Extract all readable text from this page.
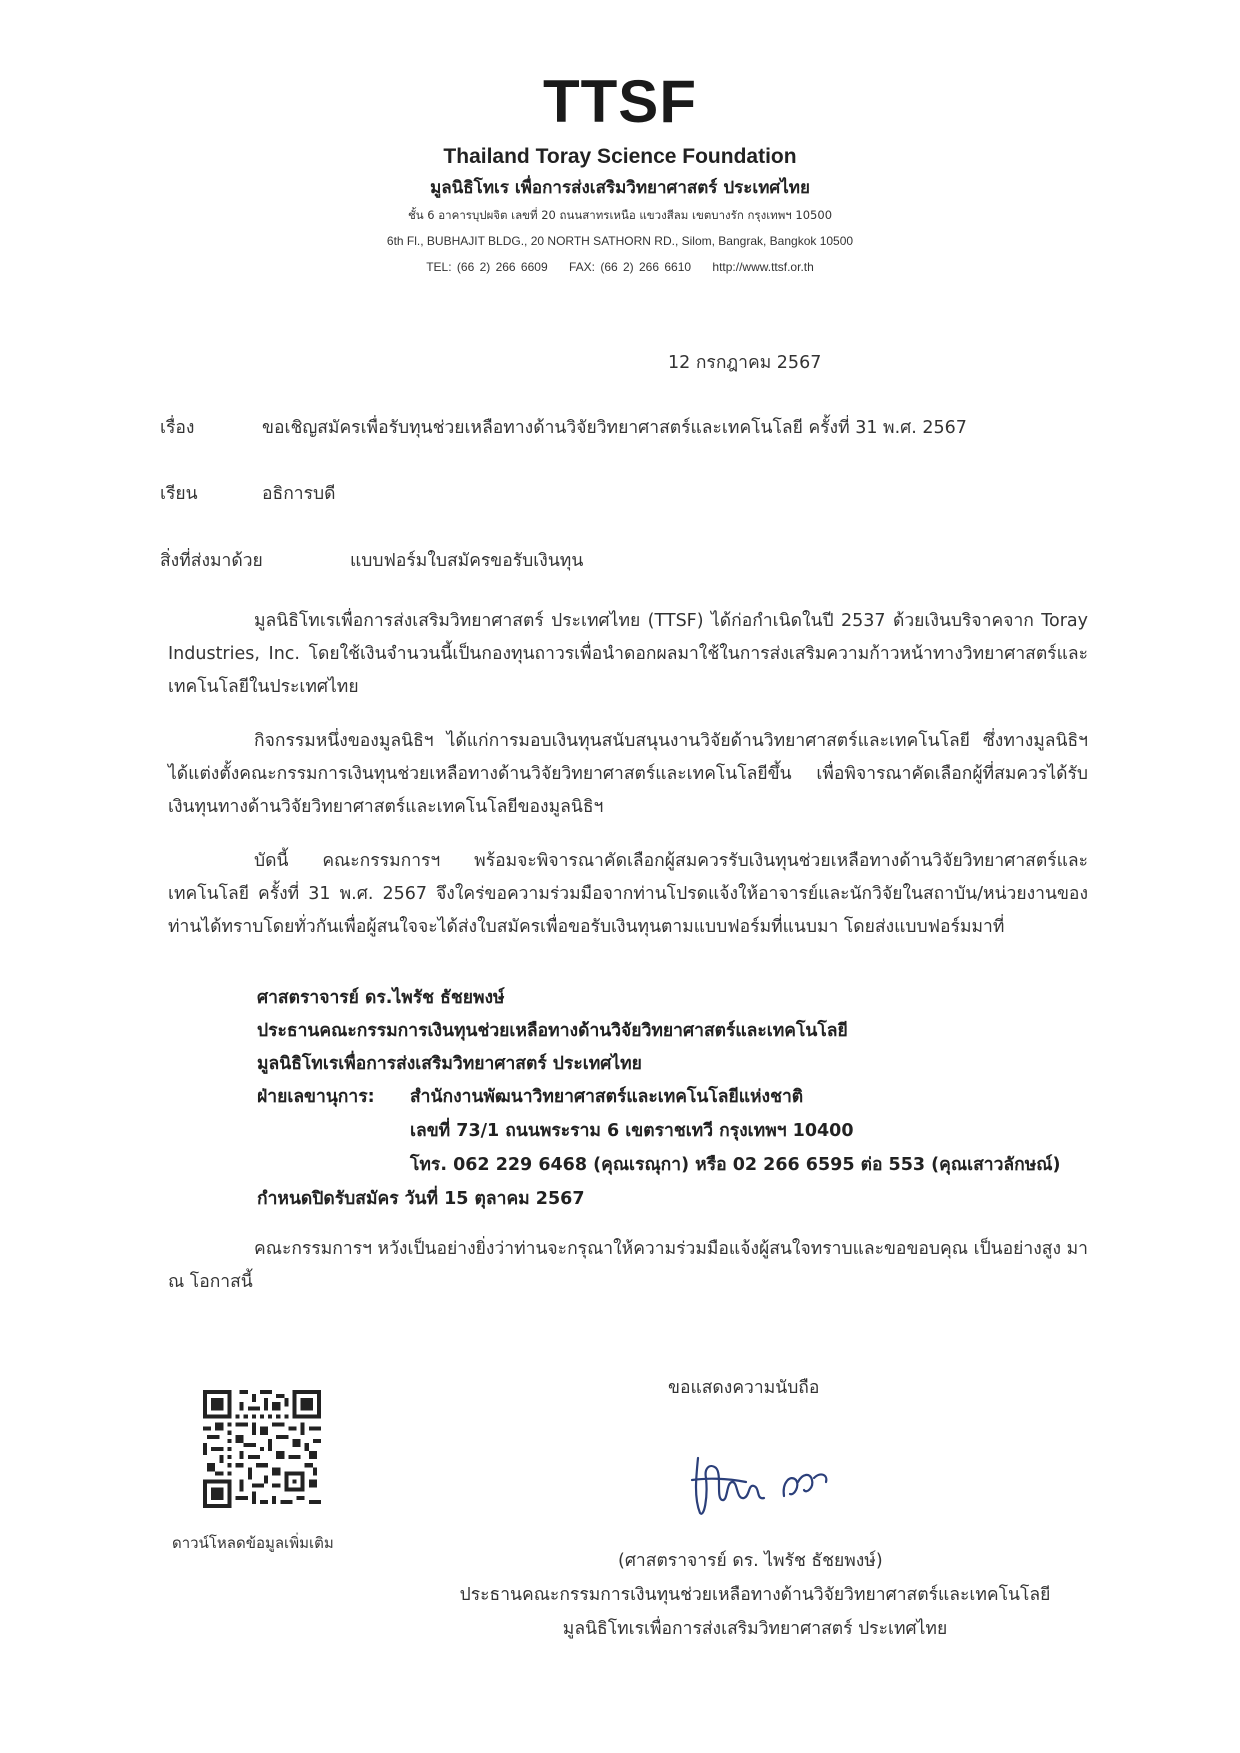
TTSF
Thailand Toray Science Foundation
มูลนิธิโทเร เพื่อการส่งเสริมวิทยาศาสตร์ ประเทศไทย
ชั้น 6 อาคารบุปผจิต เลขที่ 20 ถนนสาทรเหนือ แขวงสีลม เขตบางรัก กรุงเทพฯ 10500
6th Fl., BUBHAJIT BLDG., 20 NORTH SATHORN RD., Silom, Bangrak, Bangkok 10500
TEL: (66 2) 266 6609 FAX: (66 2) 266 6610 http://www.ttsf.or.th
12 กรกฎาคม 2567
เรื่อง	ขอเชิญสมัครเพื่อรับทุนช่วยเหลือทางด้านวิจัยวิทยาศาสตร์และเทคโนโลยี ครั้งที่ 31 พ.ศ. 2567
เรียน	อธิการบดี
สิ่งที่ส่งมาด้วย	แบบฟอร์มใบสมัครขอรับเงินทุน
มูลนิธิโทเรเพื่อการส่งเสริมวิทยาศาสตร์ ประเทศไทย (TTSF) ได้ก่อกำเนิดในปี 2537 ด้วยเงินบริจาคจาก Toray Industries, Inc. โดยใช้เงินจำนวนนี้เป็นกองทุนถาวรเพื่อนำดอกผลมาใช้ในการส่งเสริมความก้าวหน้าทางวิทยาศาสตร์และเทคโนโลยีในประเทศไทย
กิจกรรมหนึ่งของมูลนิธิฯ ได้แก่การมอบเงินทุนสนับสนุนงานวิจัยด้านวิทยาศาสตร์และเทคโนโลยี ซึ่งทางมูลนิธิฯ ได้แต่งตั้งคณะกรรมการเงินทุนช่วยเหลือทางด้านวิจัยวิทยาศาสตร์และเทคโนโลยีขึ้น เพื่อพิจารณาคัดเลือกผู้ที่สมควรได้รับเงินทุนทางด้านวิจัยวิทยาศาสตร์และเทคโนโลยีของมูลนิธิฯ
บัดนี้ คณะกรรมการฯ พร้อมจะพิจารณาคัดเลือกผู้สมควรรับเงินทุนช่วยเหลือทางด้านวิจัยวิทยาศาสตร์และเทคโนโลยี ครั้งที่ 31 พ.ศ. 2567 จึงใคร่ขอความร่วมมือจากท่านโปรดแจ้งให้อาจารย์และนักวิจัยในสถาบัน/หน่วยงานของท่านได้ทราบโดยทั่วกันเพื่อผู้สนใจจะได้ส่งใบสมัครเพื่อขอรับเงินทุนตามแบบฟอร์มที่แนบมา โดยส่งแบบฟอร์มมาที่
ศาสตราจารย์ ดร.ไพรัช ธัชยพงษ์
ประธานคณะกรรมการเงินทุนช่วยเหลือทางด้านวิจัยวิทยาศาสตร์และเทคโนโลยี
มูลนิธิโทเรเพื่อการส่งเสริมวิทยาศาสตร์ ประเทศไทย
ฝ่ายเลขานุการ: สำนักงานพัฒนาวิทยาศาสตร์และเทคโนโลยีแห่งชาติ
เลขที่ 73/1 ถนนพระราม 6 เขตราชเทวี กรุงเทพฯ 10400
โทร. 062 229 6468 (คุณเรณุกา) หรือ 02 266 6595 ต่อ 553 (คุณเสาวลักษณ์)
กำหนดปิดรับสมัคร วันที่ 15 ตุลาคม 2567
คณะกรรมการฯ หวังเป็นอย่างยิ่งว่าท่านจะกรุณาให้ความร่วมมือแจ้งผู้สนใจทราบและขอขอบคุณ เป็นอย่างสูง มา ณ โอกาสนี้
ขอแสดงความนับถือ
ดาวน์โหลดข้อมูลเพิ่มเติม
(ศาสตราจารย์ ดร. ไพรัช ธัชยพงษ์)
ประธานคณะกรรมการเงินทุนช่วยเหลือทางด้านวิจัยวิทยาศาสตร์และเทคโนโลยี
มูลนิธิโทเรเพื่อการส่งเสริมวิทยาศาสตร์ ประเทศไทย
